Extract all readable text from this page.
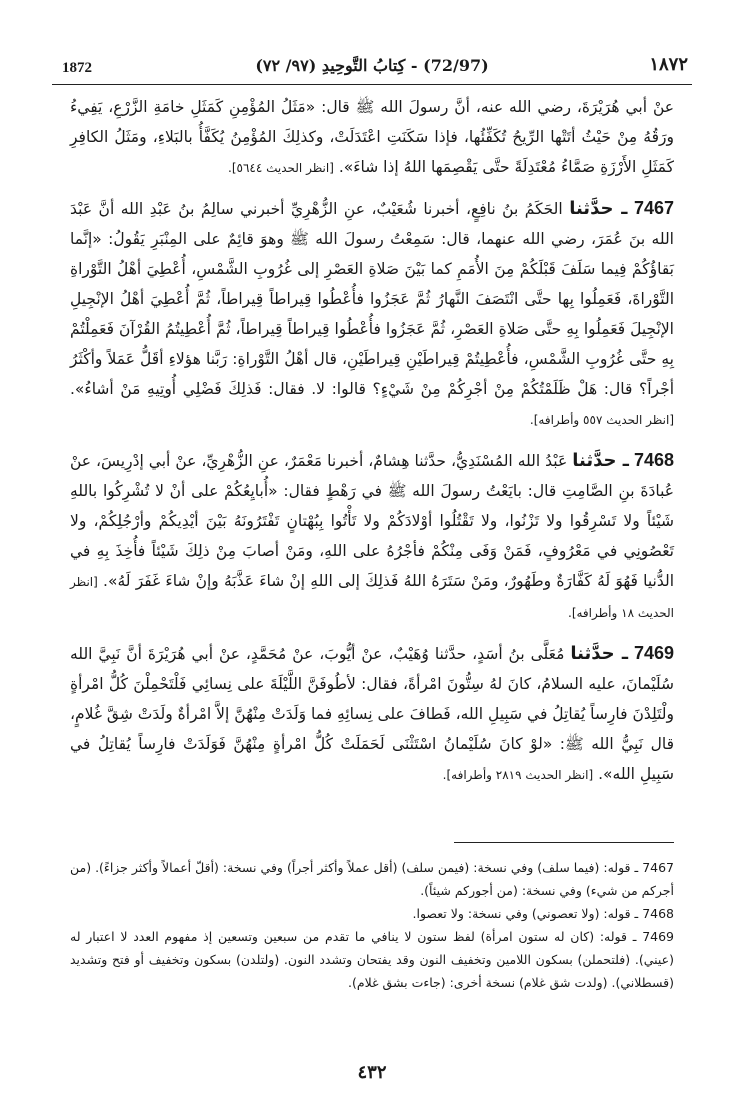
1872	(72/97) - كِتابُ التَّوحِيدِ (٩٧/ ٧٢)	١٨٧٢

عنْ أبي هُرَيْرَةَ، رضي الله عنه، أنَّ رسولَ الله ﷺ قال: «مَثَلُ المُؤْمِنِ كَمَثَلِ خامَةِ الزَّرْعِ، يَفِيءُ ورَقُهُ مِنْ حَيْثُ أتَتْها الرِّيحُ تُكَفِّئُها، فإذا سَكَنَتِ اعْتَدَلَتْ، وكذلِكَ المُؤْمِنُ يُكَفَّأُ بالبَلاءِ، ومَثَلُ الكافِرِ كَمَثَلِ الأَرْزَةِ صَمَّاءُ مُعْتَدِلَةً حتَّى يَقْصِمَها اللهُ إذا شاءَ». [انظر الحديث ٥٦٤٤].

7467 ـ حدَّثنا الحَكَمُ بنُ نافِعٍ، أخبرنا شُعَيْبٌ، عنِ الزُّهْرِيِّ أخبرني سالِمُ بنُ عَبْدِ الله أنَّ عَبْدَ الله بنَ عُمَرَ، رضي الله عنهما، قال: سَمِعْتُ رسولَ الله ﷺ وهوَ قائِمٌ على المِنْبَرِ يَقُولُ: «إنَّما بَقاؤُكُمْ فِيما سَلَفَ قَبْلَكُمْ مِنَ الأُمَمِ كما بَيْنَ صَلاةِ العَصْرِ إلى غُرُوبِ الشَّمْسِ، أُعْطِيَ أهْلُ التَّوْراةِ التَّوْراةَ، فَعَمِلُوا بِها حتَّى انْتَصَفَ النَّهارُ ثُمَّ عَجَزُوا فأُعْطُوا قِيراطاً قِيراطاً، ثُمَّ أُعْطِيَ أهْلُ الإنْجِيلِ الإنْجِيلَ فَعَمِلُوا بِهِ حتَّى صَلاةِ العَصْرِ، ثُمَّ عَجَزُوا فأُعْطُوا قِيراطاً قِيراطاً، ثُمَّ أُعْطِيتُمُ القُرْآنَ فَعَمِلْتُمْ بِهِ حتَّى غُرُوبِ الشَّمْسِ، فأُعْطِيتُمْ قِيراطَيْنِ قِيراطَيْنِ، قال أهْلُ التَّوْراةِ: رَبَّنا هؤلاءِ أقَلُّ عَمَلاً وأكْثَرُ أجْراً؟ قال: هَلْ ظَلَمْتُكُمْ مِنْ أجْرِكُمْ مِنْ شَيْءٍ؟ قالوا: لا. فقال: فَذلِكَ فَضْلِي أُوتِيهِ مَنْ أشاءُ». [انظر الحديث ٥٥٧ وأطرافه].

7468 ـ حدَّثنا عَبْدُ الله المُسْنَدِيُّ، حدَّثنا هِشامٌ، أخبرنا مَعْمَرٌ، عنِ الزُّهْرِيِّ، عنْ أبي إدْرِيسَ، عنْ عُبادَةَ بنِ الصَّامِتِ قال: بايَعْتُ رسولَ الله ﷺ في رَهْطٍ فقال: «أُبايِعُكُمْ على أنْ لا تُشْرِكُوا باللهِ شَيْئاً ولا تَسْرِقُوا ولا تَزْنُوا، ولا تَقْتُلُوا أوْلادَكُمْ ولا تَأْتُوا بِبُهْتانٍ تَفْتَرُونَهُ بَيْنَ أيْدِيكُمْ وأرْجُلِكُمْ، ولا تَعْصُونِي في مَعْرُوفٍ، فَمَنْ وَفَى مِنْكُمْ فأجْرُهُ على اللهِ، ومَنْ أصابَ مِنْ ذلِكَ شَيْئاً فأُخِذَ بِهِ في الدُّنيا فَهُوَ لَهُ كَفَّارَةٌ وطَهُورٌ، ومَنْ سَتَرَهُ اللهُ فَذلِكَ إلى اللهِ إنْ شاءَ عَذَّبَهُ وإنْ شاءَ غَفَرَ لَهُ». [انظر الحديث ١٨ وأطرافه].

7469 ـ حدَّثنا مُعَلَّى بنُ أسَدٍ، حدَّثنا وُهَيْبٌ، عنْ أيُّوبَ، عنْ مُحَمَّدٍ، عنْ أبي هُرَيْرَةَ أنَّ نَبِيَّ الله سُلَيْمانَ، عليه السلامُ، كانَ لهُ سِتُّونَ امْرأةً، فقال: لأطُوفَنَّ اللَّيْلَةَ على نِسائِي فَلْتَحْمِلْنَ كُلُّ امْرأةٍ ولْتَلِدْنَ فارِساً يُقاتِلُ في سَبِيلِ الله، فَطافَ على نِسائِهِ فما وَلَدَتْ مِنْهُنَّ إلاَّ امْرأةٌ ولَدَتْ شِقَّ غُلامٍ، قال نَبِيُّ الله ﷺ: «لوْ كانَ سُلَيْمانُ اسْتَثْنَى لَحَمَلَتْ كُلُّ امْرأةٍ مِنْهُنَّ فَوَلَدَتْ فارِساً يُقاتِلُ في سَبِيلِ الله». [انظر الحديث ٢٨١٩ وأطرافه].

7467 ـ قوله: (فيما سلف) وفي نسخة: (فيمن سلف) (أقل عملاً وأكثر أجراً) وفي نسخة: (أقلّ أعمالاً وأكثر جزاءً). (من أجركم من شيء) وفي نسخة: (من أجوركم شيئاً).

7468 ـ قوله: (ولا تعصوني) وفي نسخة: ولا تعصوا.

7469 ـ قوله: (كان له ستون امرأة) لفظ ستون لا ينافي ما تقدم من سبعين وتسعين إذ مفهوم العدد لا اعتبار له (عيني). (فلتحملن) بسكون اللامين وتخفيف النون وقد يفتحان وتشدد النون. (ولتلدن) بسكون وتخفيف أو فتح وتشديد (قسطلاني). (ولدت شق غلام) نسخة أخرى: (جاءت بشق غلام).

٤٣٢
